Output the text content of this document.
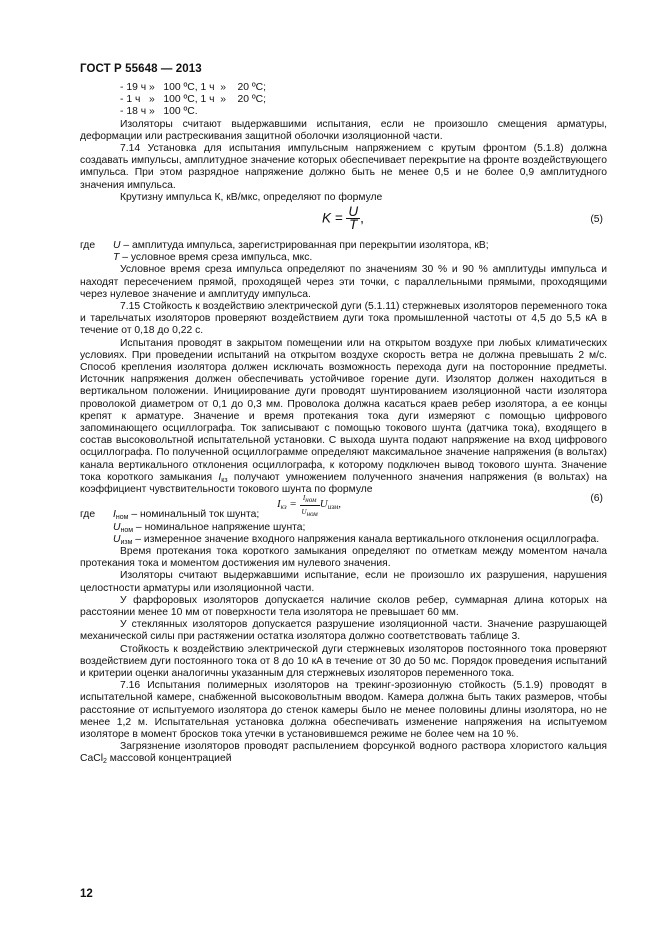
ГОСТ Р 55648 — 2013

- 19 ч »   100 ºС, 1 ч  »    20 ºС;

- 1 ч   »   100 ºС, 1 ч  »    20 ºС;

- 18 ч »   100 ºС.

Изоляторы считают выдержавшими испытания, если не произошло смещения арматуры, деформации или растрескивания защитной оболочки изоляционной части.

7.14 Установка для испытания импульсным напряжением с крутым фронтом (5.1.8) должна создавать импульсы, амплитудное значение которых обеспечивает перекрытие на фронте воздействующего импульса. При этом разрядное напряжение должно быть не менее 0,5 и не более 0,9 амплитудного значения импульса.

Крутизну импульса К, кВ/мкс, определяют по формуле

$K = \frac{U}{T}$ ,	(5)
где U – амплитуда импульса, зарегистрированная при перекрытии изолятора, кВ;

T – условное время среза импульса, мкс.

Условное время среза импульса определяют по значениям 30 % и 90 % амплитуды импульса и находят пересечением прямой, проходящей через эти точки, с параллельными прямыми, проходящими через нулевое значение и амплитуду импульса.

7.15 Стойкость к воздействию электрической дуги (5.1.11) стержневых изоляторов переменного тока и тарельчатых изоляторов проверяют воздействием дуги тока промышленной частоты от 4,5 до 5,5 кА в течение от 0,18 до 0,22 с.

Испытания проводят в закрытом помещении или на открытом воздухе при любых климатических условиях. При проведении испытаний на открытом воздухе скорость ветра не должна превышать 2 м/с. Способ крепления изолятора должен исключать возможность перехода дуги на посторонние предметы. Источник напряжения должен обеспечивать устойчивое горение дуги. Изолятор должен находиться в вертикальном положении. Инициирование дуги проводят шунтированием изоляционной части изолятора проволокой диаметром от 0,1 до 0,3 мм. Проволока должна касаться краев ребер изолятора, а ее концы крепят к арматуре. Значение и время протекания тока дуги измеряют с помощью цифрового запоминающего осциллографа. Ток записывают с помощью токового шунта (датчика тока), входящего в состав высоковольтной испытательной установки. С выхода шунта подают напряжение на вход цифрового осциллографа. По полученной осциллограмме определяют максимальное значение напряжения (в вольтах) канала вертикального отклонения осциллографа, к которому подключен вывод токового шунта. Значение тока короткого замыкания $I_{кз}$ получают умножением полученного значения напряжения (в вольтах) на коэффициент чувствительности токового шунта по формуле

$I_{кз} = \frac{I_{ном}}{U_{ном}} U_{изм}$,	(6)
где $I_{ном}$ – номинальный ток шунта;

$U_{ном}$ – номинальное напряжение шунта;

$U_{изм}$ – измеренное значение входного напряжения канала вертикального отклонения осциллографа.

Время протекания тока короткого замыкания определяют по отметкам между моментом начала протекания тока и моментом достижения им нулевого значения.

Изоляторы считают выдержавшими испытание, если не произошло их разрушения, нарушения целостности арматуры или изоляционной части.

У фарфоровых изоляторов допускается наличие сколов ребер, суммарная длина которых на расстоянии менее 10 мм от поверхности тела изолятора не превышает 60 мм.

У стеклянных изоляторов допускается разрушение изоляционной части. Значение разрушающей механической силы при растяжении остатка изолятора должно соответствовать таблице 3.

Стойкость к воздействию электрической дуги стержневых изоляторов постоянного тока проверяют воздействием дуги постоянного тока от 8 до 10 кА в течение от 30 до 50 мс. Порядок проведения испытаний и критерии оценки аналогичны указанным для стержневых изоляторов переменного тока.

7.16 Испытания полимерных изоляторов на трекинг-эрозионную стойкость (5.1.9) проводят в испытательной камере, снабженной высоковольтным вводом. Камера должна быть таких размеров, чтобы расстояние от испытуемого изолятора до стенок камеры было не менее половины длины изолятора, но не менее 1,2 м. Испытательная установка должна обеспечивать изменение напряжения на испытуемом изоляторе в момент бросков тока утечки в установившемся режиме не более чем на 10 %.

Загрязнение изоляторов проводят распылением форсункой водного раствора хлористого кальция CaCl$_2$ массовой концентрацией

12
